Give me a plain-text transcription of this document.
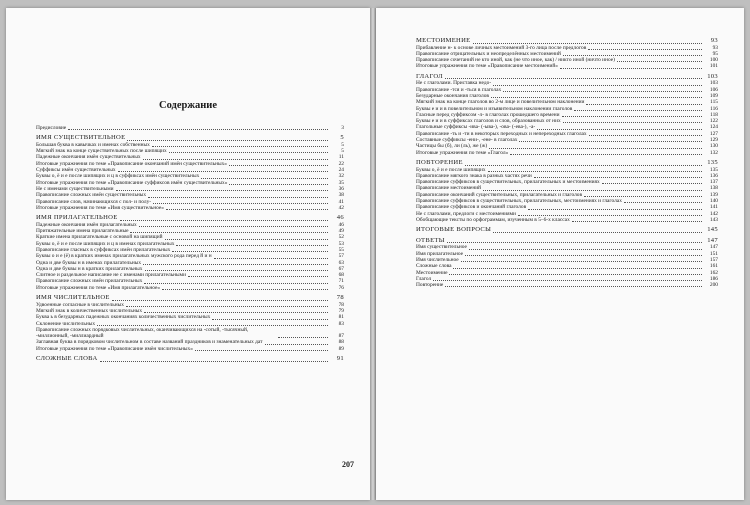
Содержание
Предисловие	3
ИМЯ СУЩЕСТВИТЕЛЬНОЕ	5
Большая буква в кавычках и именах собственных	5
Мягкий знак на конце существительных после шипящих	5
Падежные окончания имён существительных	11
Итоговые упражнения по теме «Правописание окончаний имён существительных»	22
Суффиксы имён существительных	24
Буквы о, ё и е после шипящих и ц в суффиксах имён существительных	32
Итоговые упражнения по теме «Правописание суффиксов имён существительных»	35
Не с именами существительными	36
Правописание сложных имён существительных	38
Правописание слов, начинающихся с пол- и полу-	41
Итоговые упражнения по теме «Имя существительное»	42
ИМЯ ПРИЛАГАТЕЛЬНОЕ	46
Падежные окончания имён прилагательных	46
Притяжательные имена прилагательные	49
Краткие имена прилагательные с основой на шипящий	52
Буквы о, ё и е после шипящих и ц в именах прилагательных	53
Правописание гласных в суффиксах имён прилагательных	55
Буквы о и е (ё) в кратких именах прилагательных мужского рода перед й и н	57
Одна и две буквы н в именах прилагательных	63
Одна и две буквы н в кратких прилагательных	67
Слитное и раздельное написание не с именами прилагательными	68
Правописание сложных имён прилагательных	71
Итоговые упражнения по теме «Имя прилагательное»	76
ИМЯ ЧИСЛИТЕЛЬНОЕ	78
Удвоенные согласные в числительных	78
Мягкий знак в количественных числительных	79
Буква ь в безударных падежных окончаниях количественных числительных	81
Склонение числительных	83
Правописание сложных порядковых числительных, оканчивающихся на -сотый, -тысячный, -миллионный, -миллиардный	87
Заглавная буква в порядковом числительном в составе названий праздников и знаменательных дат	88
Итоговые упражнения по теме «Правописание имён числительных»	89
СЛОЖНЫЕ СЛОВА	91
207
МЕСТОИМЕНИЕ	93
Прибавление н- к основе личных местоимений 3-го лица после предлогов	93
Правописание отрицательных и неопределённых местоимений	95
Правописание сочетаний не кто иной, как (не что иное, как) / никто иной (ничто иное)	100
Итоговые упражнения по теме «Правописание местоимений»	101
ГЛАГОЛ	103
Не с глаголами. Приставка недо-	103
Правописание -тся и -ться в глаголах	106
Безударные окончания глаголов	109
Мягкий знак на конце глаголов во 2-м лице и повелительном наклонении	115
Буквы е и и в повелительном и изъявительном наклонении глаголов	116
Гласные перед суффиксом -л- в глаголах прошедшего времени	118
Буквы е и и в суффиксах глаголов и слов, образованных от них	122
Глагольные суффиксы -ива- (-ыва-), -ова- (-ева-), -а-	124
Правописание -ть и -ти в некоторых переходных и непереходных глаголах	127
Составные суффиксы -ени-, -ене- в глаголах	129
Частицы бы (б), ли (ль), же (ж)	130
Итоговые упражнения по теме «Глагол»	132
ПОВТОРЕНИЕ	135
Буквы о, ё и е после шипящих	135
Правописание мягкого знака в разных частях речи	136
Правописание суффиксов в существительных, прилагательных и местоимениях	137
Правописание местоимений	138
Правописание окончаний существительных, прилагательных и глаголов	139
Правописание суффиксов в существительных, прилагательных, местоимениях и глаголах	140
Правописание суффиксов и окончаний глаголов	141
Не с глаголами, предлоги с местоимениями	142
Обобщающие тексты по орфограммам, изученным в 5–6-х классах	143
ИТОГОВЫЕ ВОПРОСЫ	145
ОТВЕТЫ	147
Имя существительное	147
Имя прилагательное	151
Имя числительное	157
Сложные слова	161
Местоимение	162
Глагол	186
Повторение	200
